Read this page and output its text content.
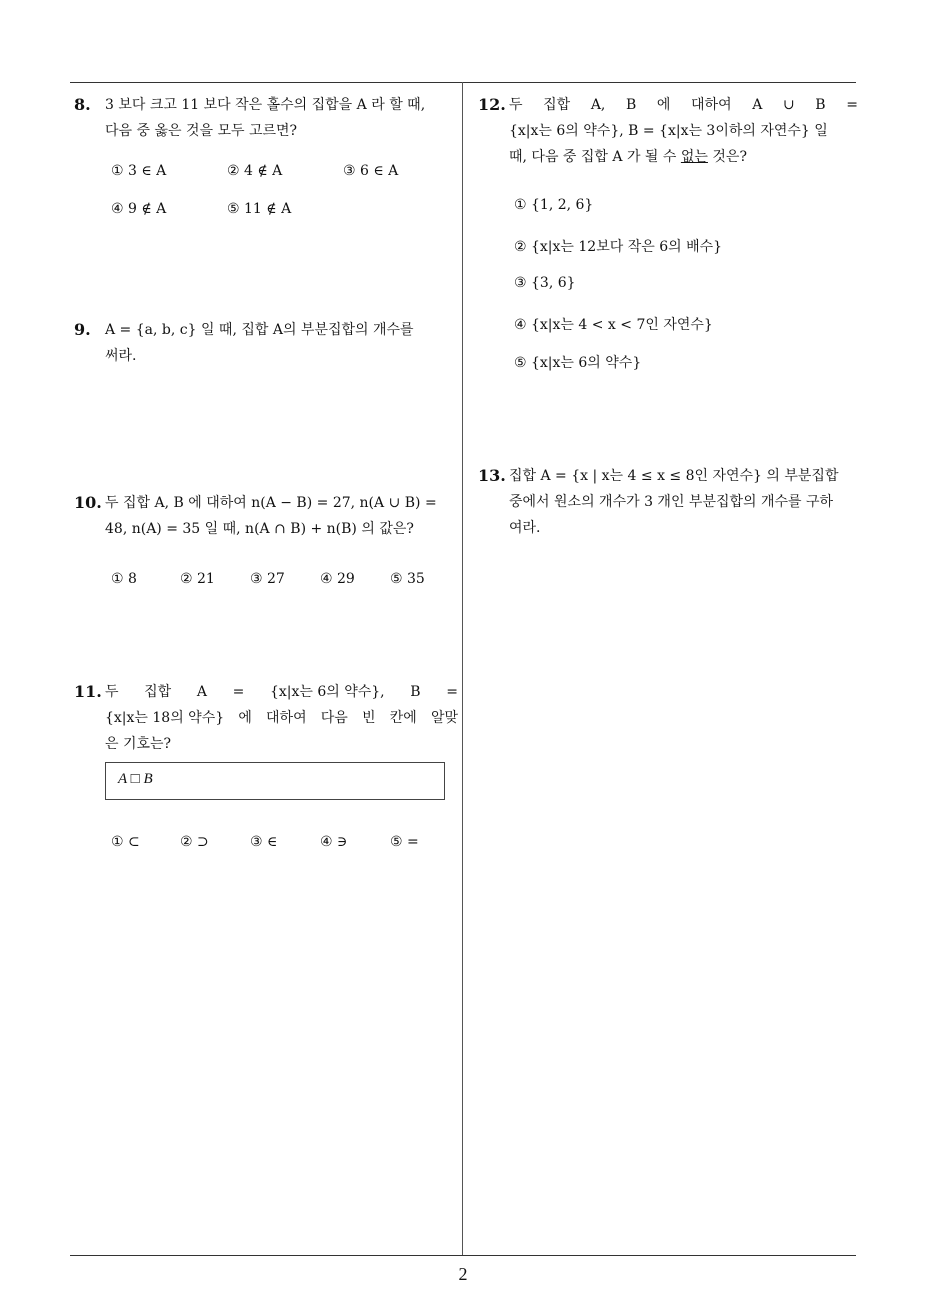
8. 3 보다 크고 11 보다 작은 홀수의 집합을 A 라 할 때,
다음 중 옳은 것을 모두 고르면?
① 3 ∈ A	② 4 ∉ A	③ 6 ∈ A
④ 9 ∉ A	⑤ 11 ∉ A
9. A = {a, b, c} 일 때, 집합 A의 부분집합의 개수를
써라.
10. 두 집합 A, B 에 대하여 n(A − B) = 27, n(A ∪ B) =
48, n(A) = 35 일 때, n(A ∩ B) + n(B) 의 값은?
① 8	② 21	③ 27	④ 29	⑤ 35
11. 두 집합 A = {x|x는 6의 약수}, B =
{x|x는 18의 약수} 에 대하여 다음 빈 칸에 알맞
은 기호는?
A □ B
① ⊂	② ⊃	③ ∈	④ ∋	⑤ =
12. 두 집합 A, B 에 대하여 A ∪ B =
{x|x는 6의 약수}, B = {x|x는 3이하의 자연수} 일
때, 다음 중 집합 A 가 될 수 없는 것은?
① {1, 2, 6}
② {x|x는 12보다 작은 6의 배수}
③ {3, 6}
④ {x|x는 4 < x < 7인 자연수}
⑤ {x|x는 6의 약수}
13. 집합 A = {x | x는 4 ≤ x ≤ 8인 자연수} 의 부분집합
중에서 원소의 개수가 3 개인 부분집합의 개수를 구하
여라.
2
